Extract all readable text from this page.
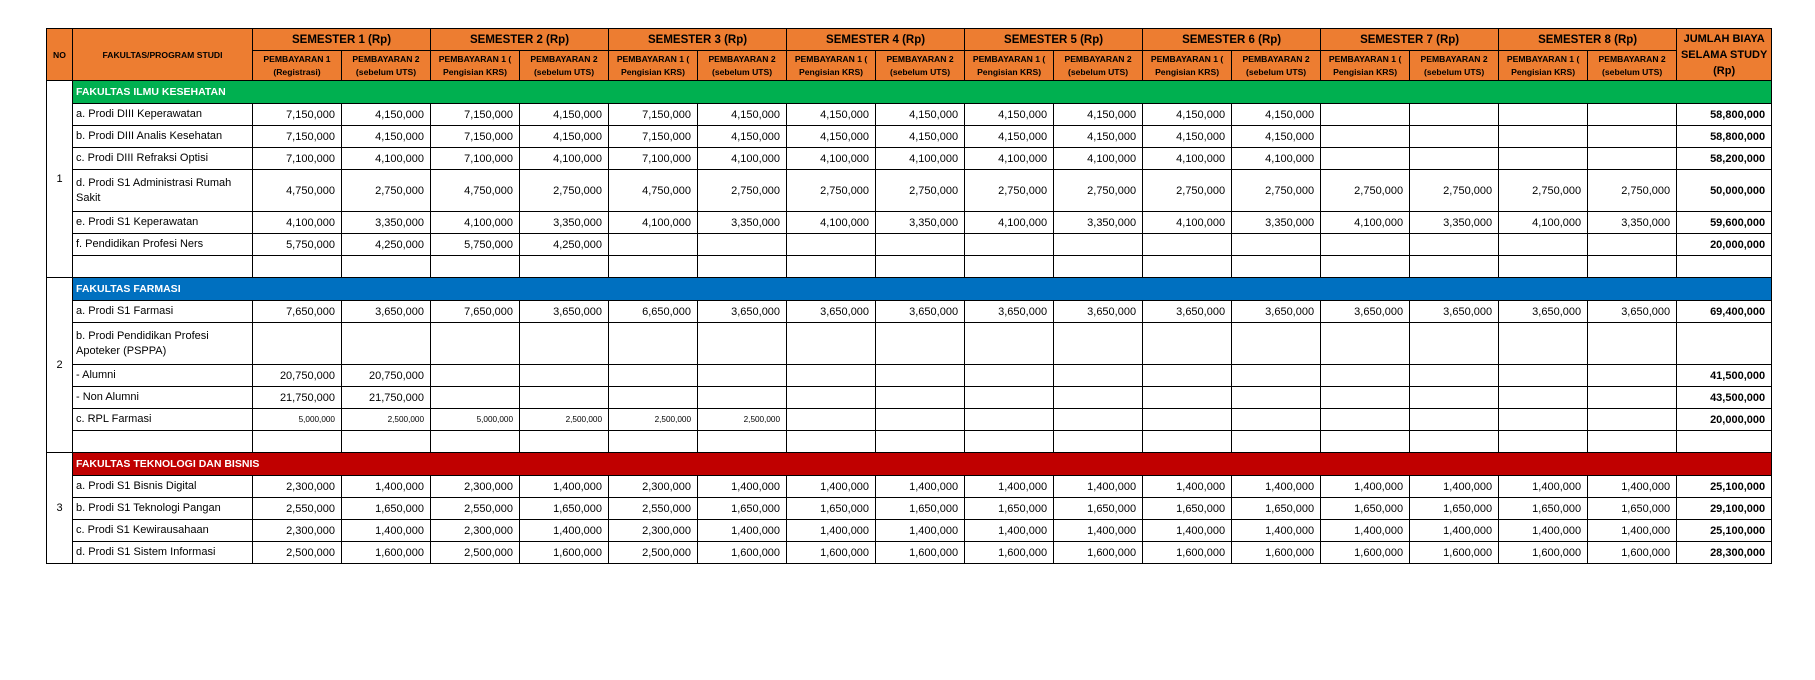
NO	FAKULTAS/PROGRAM STUDI	SEMESTER 1 (Rp)		SEMESTER 2 (Rp)		SEMESTER 3 (Rp)		SEMESTER 4 (Rp)		SEMESTER 5 (Rp)		SEMESTER 6 (Rp)		SEMESTER 7 (Rp)		SEMESTER 8 (Rp)		JUMLAH BIAYA SELAMA STUDY (Rp)
		PEMBAYARAN 1 (Registrasi)	PEMBAYARAN 2 (sebelum UTS)	PEMBAYARAN 1 ( Pengisian KRS)	PEMBAYARAN 2 (sebelum UTS)	PEMBAYARAN 1 ( Pengisian KRS)	PEMBAYARAN 2 (sebelum UTS)	PEMBAYARAN 1 ( Pengisian KRS)	PEMBAYARAN 2 (sebelum UTS)	PEMBAYARAN 1 ( Pengisian KRS)	PEMBAYARAN 2 (sebelum UTS)	PEMBAYARAN 1 ( Pengisian KRS)	PEMBAYARAN 2 (sebelum UTS)	PEMBAYARAN 1 ( Pengisian KRS)	PEMBAYARAN 2 (sebelum UTS)	PEMBAYARAN 1 ( Pengisian KRS)	PEMBAYARAN 2 (sebelum UTS)	
1	FAKULTAS ILMU KESEHATAN																	
	a. Prodi DIII Keperawatan	7,150,000	4,150,000	7,150,000	4,150,000	7,150,000	4,150,000	4,150,000	4,150,000	4,150,000	4,150,000	4,150,000	4,150,000					58,800,000
	b. Prodi DIII Analis Kesehatan	7,150,000	4,150,000	7,150,000	4,150,000	7,150,000	4,150,000	4,150,000	4,150,000	4,150,000	4,150,000	4,150,000	4,150,000					58,800,000
	c. Prodi DIII Refraksi Optisi	7,100,000	4,100,000	7,100,000	4,100,000	7,100,000	4,100,000	4,100,000	4,100,000	4,100,000	4,100,000	4,100,000	4,100,000					58,200,000
	d. Prodi S1 Administrasi Rumah Sakit	4,750,000	2,750,000	4,750,000	2,750,000	4,750,000	2,750,000	2,750,000	2,750,000	2,750,000	2,750,000	2,750,000	2,750,000	2,750,000	2,750,000	2,750,000	2,750,000	50,000,000
	e. Prodi S1 Keperawatan	4,100,000	3,350,000	4,100,000	3,350,000	4,100,000	3,350,000	4,100,000	3,350,000	4,100,000	3,350,000	4,100,000	3,350,000	4,100,000	3,350,000	4,100,000	3,350,000	59,600,000
	f. Pendidikan Profesi Ners	5,750,000	4,250,000	5,750,000	4,250,000													20,000,000

2	FAKULTAS FARMASI																	
	a. Prodi S1 Farmasi	7,650,000	3,650,000	7,650,000	3,650,000	6,650,000	3,650,000	3,650,000	3,650,000	3,650,000	3,650,000	3,650,000	3,650,000	3,650,000	3,650,000	3,650,000	3,650,000	69,400,000
	b. Prodi Pendidikan Profesi Apoteker (PSPPA)																	
	- Alumni	20,750,000	20,750,000															41,500,000
	- Non Alumni	21,750,000	21,750,000															43,500,000
	c. RPL Farmasi	5,000,000	2,500,000	5,000,000	2,500,000	2,500,000	2,500,000											20,000,000

3	FAKULTAS TEKNOLOGI DAN BISNIS																	
	a. Prodi S1 Bisnis Digital	2,300,000	1,400,000	2,300,000	1,400,000	2,300,000	1,400,000	1,400,000	1,400,000	1,400,000	1,400,000	1,400,000	1,400,000	1,400,000	1,400,000	1,400,000	1,400,000	25,100,000
	b. Prodi S1 Teknologi Pangan	2,550,000	1,650,000	2,550,000	1,650,000	2,550,000	1,650,000	1,650,000	1,650,000	1,650,000	1,650,000	1,650,000	1,650,000	1,650,000	1,650,000	1,650,000	1,650,000	29,100,000
	c. Prodi S1 Kewirausahaan	2,300,000	1,400,000	2,300,000	1,400,000	2,300,000	1,400,000	1,400,000	1,400,000	1,400,000	1,400,000	1,400,000	1,400,000	1,400,000	1,400,000	1,400,000	1,400,000	25,100,000
	d. Prodi S1 Sistem Informasi	2,500,000	1,600,000	2,500,000	1,600,000	2,500,000	1,600,000	1,600,000	1,600,000	1,600,000	1,600,000	1,600,000	1,600,000	1,600,000	1,600,000	1,600,000	1,600,000	28,300,000
